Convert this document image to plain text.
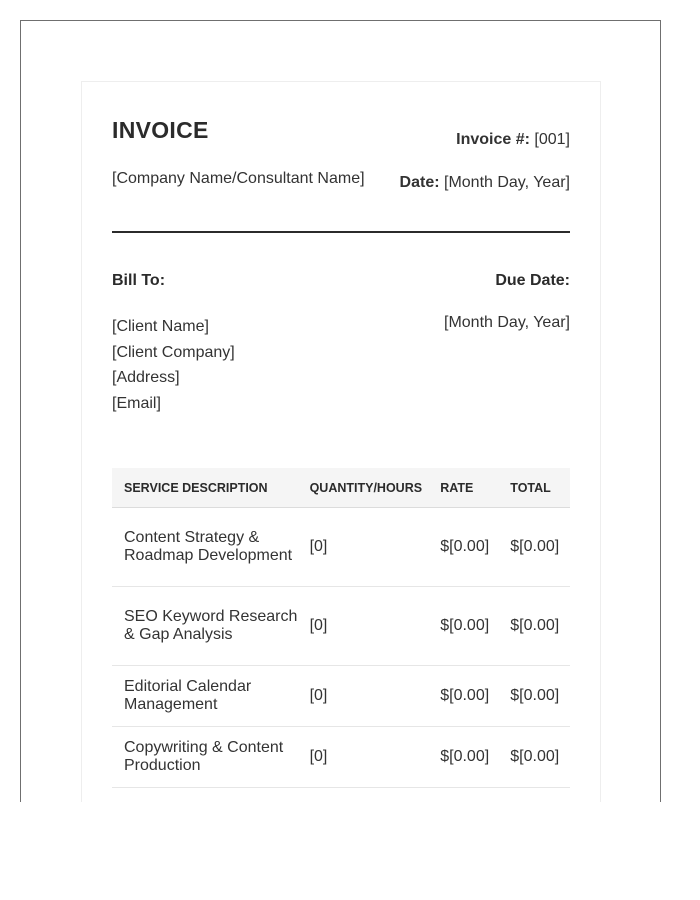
INVOICE
[Company Name/Consultant Name]
Invoice #: [001]
Date: [Month Day, Year]
Bill To:	Due Date:
[Client Name]
[Client Company]
[Address]
[Email]
[Month Day, Year]
SERVICE DESCRIPTION	QUANTITY/HOURS	RATE	TOTAL
Content Strategy & Roadmap Development	[0]	$[0.00]	$[0.00]
SEO Keyword Research & Gap Analysis	[0]	$[0.00]	$[0.00]
Editorial Calendar Management	[0]	$[0.00]	$[0.00]
Copywriting & Content Production	[0]	$[0.00]	$[0.00]
